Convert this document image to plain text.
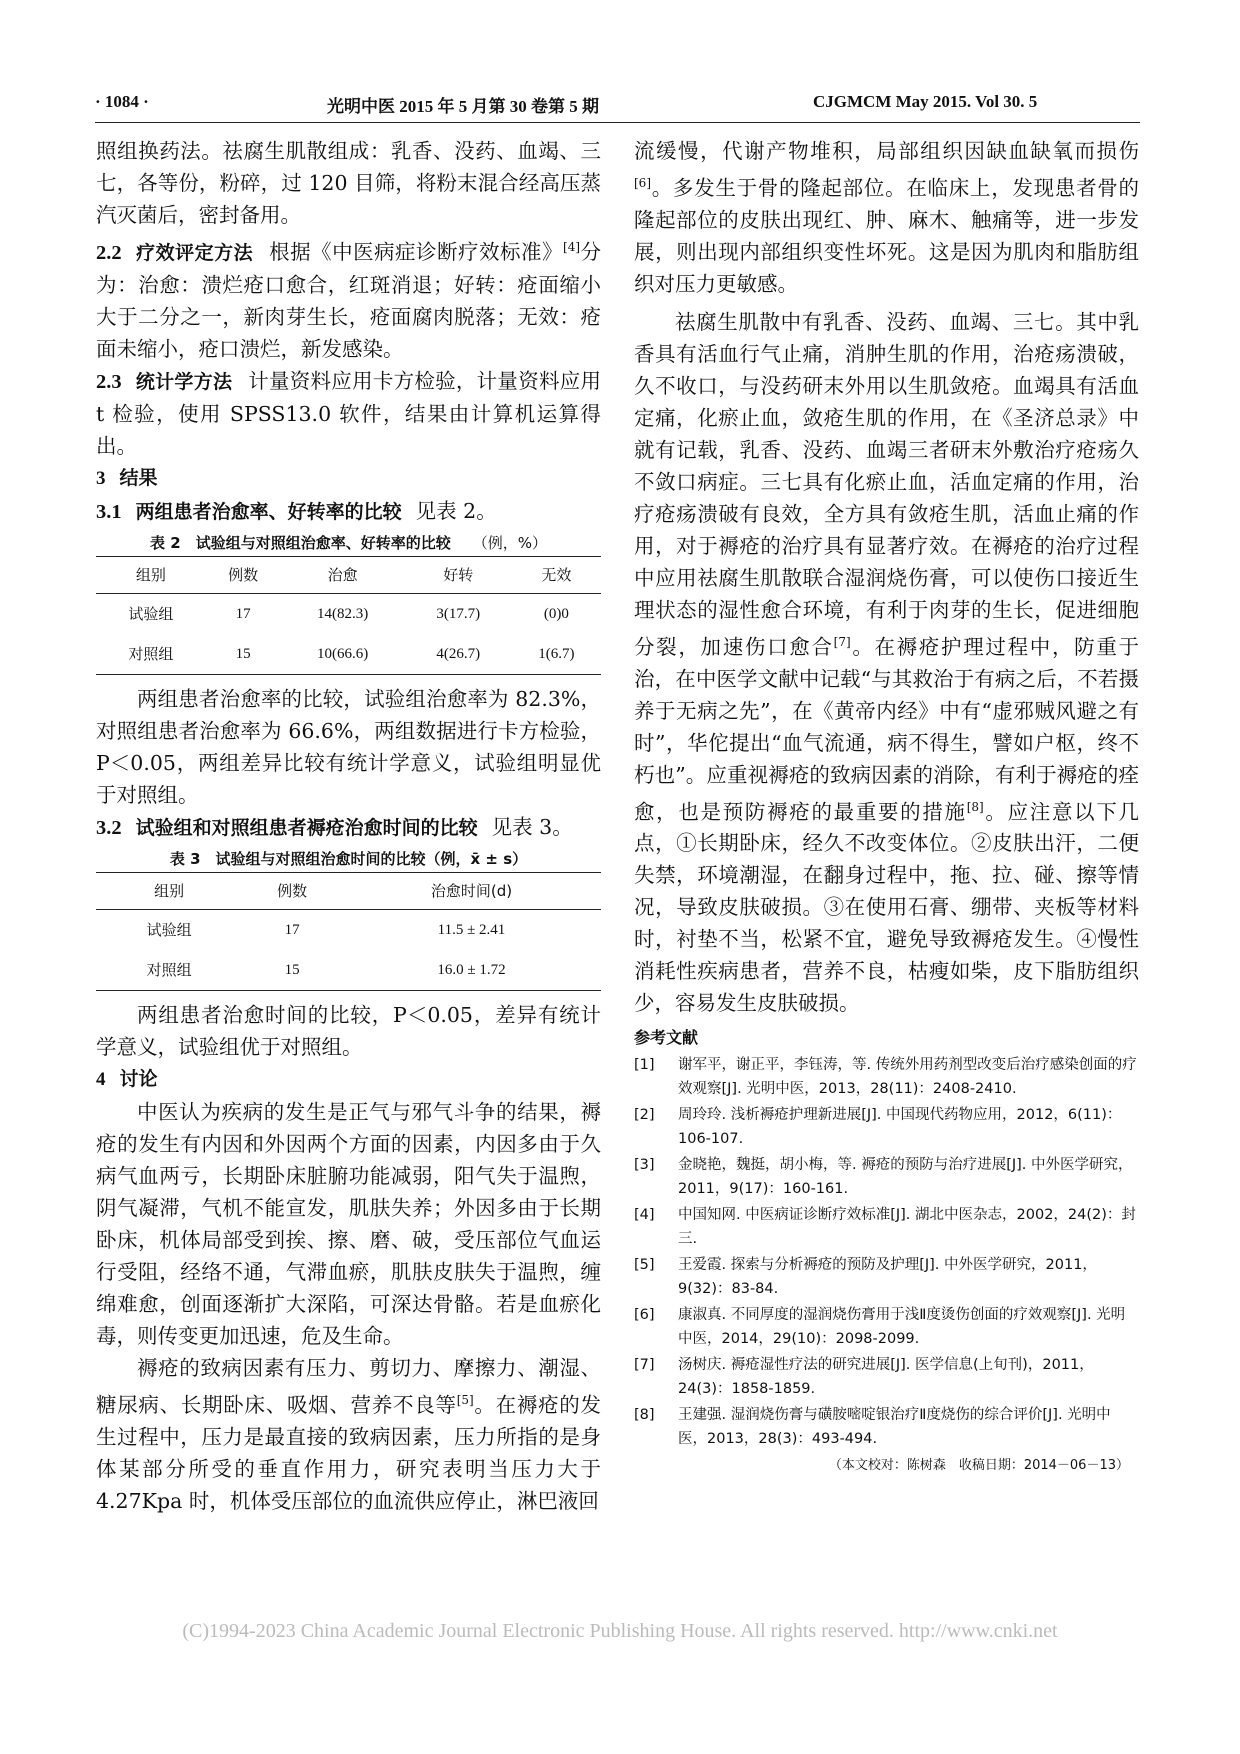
· 1084 ·	光明中医 2015 年 5 月第 30 卷第 5 期	CJGMCM May 2015. Vol 30. 5

照组换药法。祛腐生肌散组成：乳香、没药、血竭、三七，各等份，粉碎，过 120 目筛，将粉末混合经高压蒸汽灭菌后，密封备用。

2.2 疗效评定方法 根据《中医病症诊断疗效标准》[4]分为：治愈：溃烂疮口愈合，红斑消退；好转：疮面缩小大于二分之一，新肉芽生长，疮面腐肉脱落；无效：疮面未缩小，疮口溃烂，新发感染。

2.3 统计学方法 计量资料应用卡方检验，计量资料应用 t 检验，使用 SPSS13.0 软件，结果由计算机运算得出。

3 结果

3.1 两组患者治愈率、好转率的比较 见表 2。

表 2　试验组与对照组治愈率、好转率的比较 （例，%）
组别	例数	治愈	好转	无效
试验组	17	14(82.3)	3(17.7)	(0)0
对照组	15	10(66.6)	4(26.7)	1(6.7)

两组患者治愈率的比较，试验组治愈率为 82.3%，对照组患者治愈率为 66.6%，两组数据进行卡方检验，P＜0.05，两组差异比较有统计学意义，试验组明显优于对照组。

3.2 试验组和对照组患者褥疮治愈时间的比较 见表 3。

表 3　试验组与对照组治愈时间的比较（例，x̄ ± s）
组别	例数	治愈时间(d)
试验组	17	11.5 ± 2.41
对照组	15	16.0 ± 1.72

两组患者治愈时间的比较，P＜0.05，差异有统计学意义，试验组优于对照组。

4 讨论

中医认为疾病的发生是正气与邪气斗争的结果，褥疮的发生有内因和外因两个方面的因素，内因多由于久病气血两亏，长期卧床脏腑功能减弱，阳气失于温煦，阴气凝滞，气机不能宣发，肌肤失养；外因多由于长期卧床，机体局部受到挨、擦、磨、破，受压部位气血运行受阻，经络不通，气滞血瘀，肌肤皮肤失于温煦，缠绵难愈，创面逐渐扩大深陷，可深达骨骼。若是血瘀化毒，则传变更加迅速，危及生命。

褥疮的致病因素有压力、剪切力、摩擦力、潮湿、糖尿病、长期卧床、吸烟、营养不良等[5]。在褥疮的发生过程中，压力是最直接的致病因素，压力所指的是身体某部分所受的垂直作用力，研究表明当压力大于 4.27Kpa 时，机体受压部位的血流供应停止，淋巴液回

流缓慢，代谢产物堆积，局部组织因缺血缺氧而损伤[6]。多发生于骨的隆起部位。在临床上，发现患者骨的隆起部位的皮肤出现红、肿、麻木、触痛等，进一步发展，则出现内部组织变性坏死。这是因为肌肉和脂肪组织对压力更敏感。

祛腐生肌散中有乳香、没药、血竭、三七。其中乳香具有活血行气止痛，消肿生肌的作用，治疮疡溃破，久不收口，与没药研末外用以生肌敛疮。血竭具有活血定痛，化瘀止血，敛疮生肌的作用，在《圣济总录》中就有记载，乳香、没药、血竭三者研末外敷治疗疮疡久不敛口病症。三七具有化瘀止血，活血定痛的作用，治疗疮疡溃破有良效，全方具有敛疮生肌，活血止痛的作用，对于褥疮的治疗具有显著疗效。在褥疮的治疗过程中应用祛腐生肌散联合湿润烧伤膏，可以使伤口接近生理状态的湿性愈合环境，有利于肉芽的生长，促进细胞分裂，加速伤口愈合[7]。在褥疮护理过程中，防重于治，在中医学文献中记载“与其救治于有病之后，不若摄养于无病之先”，在《黄帝内经》中有“虚邪贼风避之有时”，华佗提出“血气流通，病不得生，譬如户枢，终不朽也”。应重视褥疮的致病因素的消除，有利于褥疮的痊愈，也是预防褥疮的最重要的措施[8]。应注意以下几点，①长期卧床，经久不改变体位。②皮肤出汗，二便失禁，环境潮湿，在翻身过程中，拖、拉、碰、擦等情况，导致皮肤破损。③在使用石膏、绷带、夹板等材料时，衬垫不当，松紧不宜，避免导致褥疮发生。④慢性消耗性疾病患者，营养不良，枯瘦如柴，皮下脂肪组织少，容易发生皮肤破损。

参考文献
[1]	谢军平，谢正平，李钰涛，等. 传统外用药剂型改变后治疗感染创面的疗效观察[J]. 光明中医，2013，28(11)：2408-2410.
[2]	周玲玲. 浅析褥疮护理新进展[J]. 中国现代药物应用，2012，6(11)：106-107.
[3]	金晓艳，魏挺，胡小梅，等. 褥疮的预防与治疗进展[J]. 中外医学研究，2011，9(17)：160-161.
[4]	中国知网. 中医病证诊断疗效标准[J]. 湖北中医杂志，2002，24(2)：封三.
[5]	王爱霞. 探索与分析褥疮的预防及护理[J]. 中外医学研究，2011，9(32)：83-84.
[6]	康淑真. 不同厚度的湿润烧伤膏用于浅Ⅱ度烫伤创面的疗效观察[J]. 光明中医，2014，29(10)：2098-2099.
[7]	汤树庆. 褥疮湿性疗法的研究进展[J]. 医学信息(上旬刊)，2011，24(3)：1858-1859.
[8]	王建强. 湿润烧伤膏与磺胺嘧啶银治疗Ⅱ度烧伤的综合评价[J]. 光明中医，2013，28(3)：493-494.
（本文校对：陈树森　收稿日期：2014－06－13）
(C)1994-2023 China Academic Journal Electronic Publishing House. All rights reserved. http://www.cnki.net
